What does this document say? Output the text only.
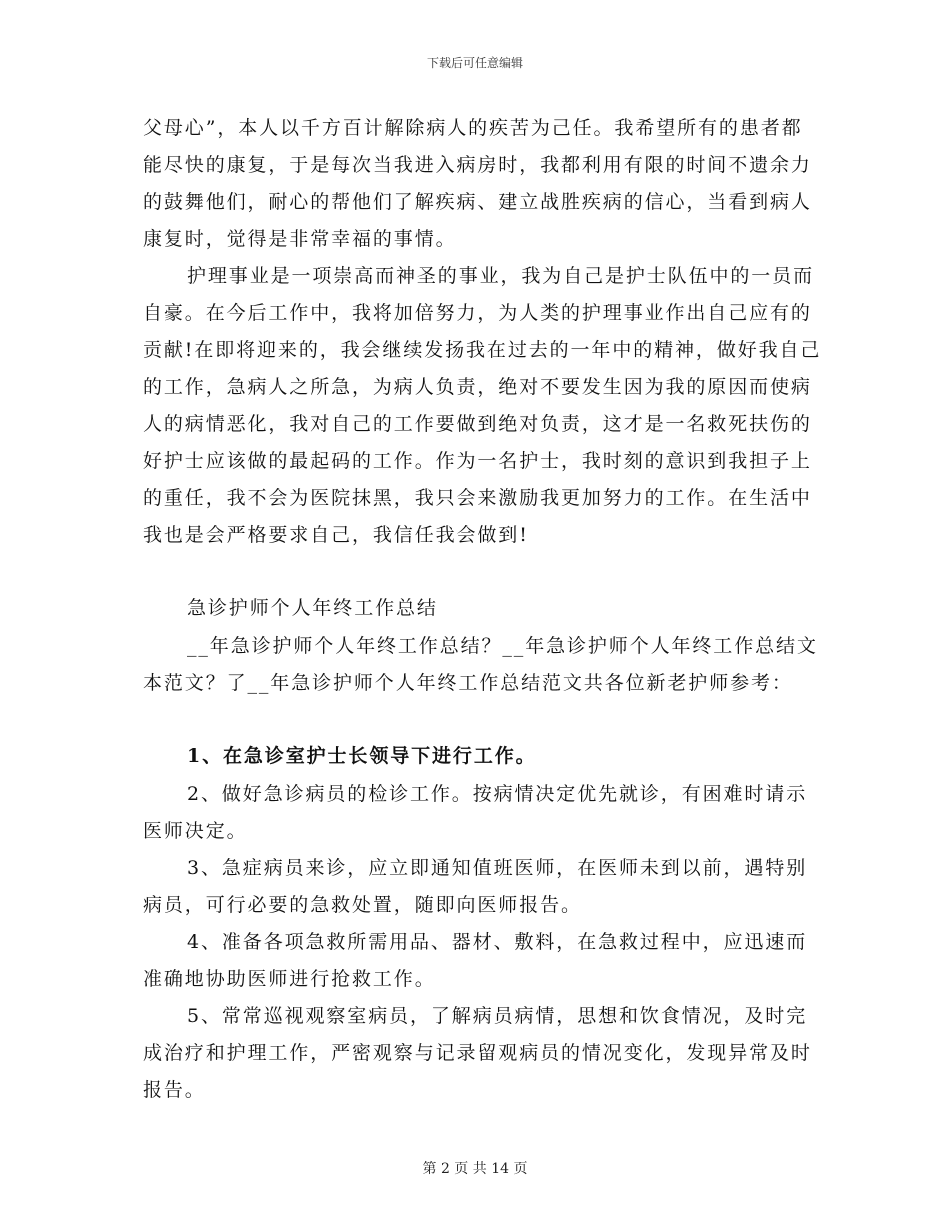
下载后可任意编辑

父母心”，本人以千方百计解除病人的疾苦为己任。我希望所有的患者都能尽快的康复，于是每次当我进入病房时，我都利用有限的时间不遗余力的鼓舞他们，耐心的帮他们了解疾病、建立战胜疾病的信心，当看到病人康复时，觉得是非常幸福的事情。

护理事业是一项崇高而神圣的事业，我为自己是护士队伍中的一员而自豪。在今后工作中，我将加倍努力，为人类的护理事业作出自己应有的贡献!在即将迎来的，我会继续发扬我在过去的一年中的精神，做好我自己的工作，急病人之所急，为病人负责，绝对不要发生因为我的原因而使病人的病情恶化，我对自己的工作要做到绝对负责，这才是一名救死扶伤的好护士应该做的最起码的工作。作为一名护士，我时刻的意识到我担子上的重任，我不会为医院抹黑，我只会来激励我更加努力的工作。在生活中我也是会严格要求自己，我信任我会做到!

急诊护师个人年终工作总结

__年急诊护师个人年终工作总结？__年急诊护师个人年终工作总结文本范文？了__年急诊护师个人年终工作总结范文共各位新老护师参考：

1、在急诊室护士长领导下进行工作。

2、做好急诊病员的检诊工作。按病情决定优先就诊，有困难时请示医师决定。

3、急症病员来诊，应立即通知值班医师，在医师未到以前，遇特别病员，可行必要的急救处置，随即向医师报告。

4、准备各项急救所需用品、器材、敷料，在急救过程中，应迅速而准确地协助医师进行抢救工作。

5、常常巡视观察室病员，了解病员病情，思想和饮食情况，及时完成治疗和护理工作，严密观察与记录留观病员的情况变化，发现异常及时报告。

第 2 页 共 14 页
